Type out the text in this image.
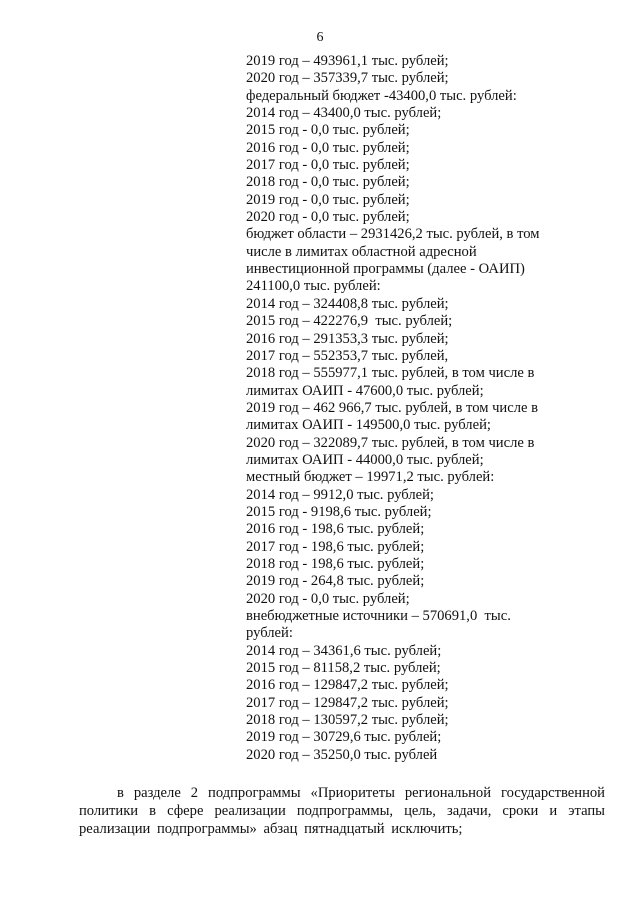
6
2019 год – 493961,1 тыс. рублей;
2020 год – 357339,7 тыс. рублей;
федеральный бюджет -43400,0 тыс. рублей:
2014 год – 43400,0 тыс. рублей;
2015 год - 0,0 тыс. рублей;
2016 год - 0,0 тыс. рублей;
2017 год - 0,0 тыс. рублей;
2018 год - 0,0 тыс. рублей;
2019 год - 0,0 тыс. рублей;
2020 год - 0,0 тыс. рублей;
бюджет области – 2931426,2 тыс. рублей, в том
числе в лимитах областной адресной
инвестиционной программы (далее - ОАИП)
241100,0 тыс. рублей:
2014 год – 324408,8 тыс. рублей;
2015 год – 422276,9  тыс. рублей;
2016 год – 291353,3 тыс. рублей;
2017 год – 552353,7 тыс. рублей,
2018 год – 555977,1 тыс. рублей, в том числе в
лимитах ОАИП - 47600,0 тыс. рублей;
2019 год – 462 966,7 тыс. рублей, в том числе в
лимитах ОАИП - 149500,0 тыс. рублей;
2020 год – 322089,7 тыс. рублей, в том числе в
лимитах ОАИП - 44000,0 тыс. рублей;
местный бюджет – 19971,2 тыс. рублей:
2014 год – 9912,0 тыс. рублей;
2015 год - 9198,6 тыс. рублей;
2016 год - 198,6 тыс. рублей;
2017 год - 198,6 тыс. рублей;
2018 год - 198,6 тыс. рублей;
2019 год - 264,8 тыс. рублей;
2020 год - 0,0 тыс. рублей;
внебюджетные источники – 570691,0  тыс.
рублей:
2014 год – 34361,6 тыс. рублей;
2015 год – 81158,2 тыс. рублей;
2016 год – 129847,2 тыс. рублей;
2017 год – 129847,2 тыс. рублей;
2018 год – 130597,2 тыс. рублей;
2019 год – 30729,6 тыс. рублей;
2020 год – 35250,0 тыс. рублей

в разделе 2 подпрограммы «Приоритеты региональной государственной политики в сфере реализации подпрограммы, цель, задачи, сроки и этапы реализации подпрограммы» абзац пятнадцатый исключить;
